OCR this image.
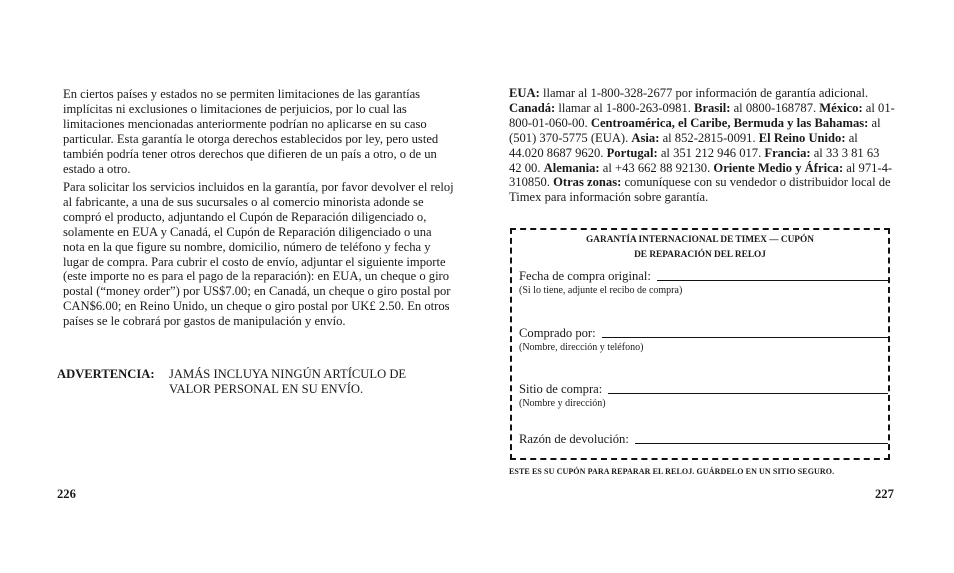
En ciertos países y estados no se permiten limitaciones de las garantías implícitas ni exclusiones o limitaciones de perjuicios, por lo cual las limitaciones mencionadas anteriormente podrían no aplicarse en su caso particular. Esta garantía le otorga derechos establecidos por ley, pero usted también podría tener otros derechos que difieren de un país a otro, o de un estado a otro.

Para solicitar los servicios incluidos en la garantía, por favor devolver el reloj al fabricante, a una de sus sucursales o al comercio minorista adonde se compró el producto, adjuntando el Cupón de Reparación diligenciado o, solamente en EUA y Canadá, el Cupón de Reparación diligenciado o una nota en la que figure su nombre, domicilio, número de teléfono y fecha y lugar de compra. Para cubrir el costo de envío, adjuntar el siguiente importe (este importe no es para el pago de la reparación): en EUA, un cheque o giro postal (“money order”) por US$7.00; en Canadá, un cheque o giro postal por CAN$6.00; en Reino Unido, un cheque o giro postal por UK£ 2.50. En otros países se le cobrará por gastos de manipulación y envío.

ADVERTENCIA: JAMÁS INCLUYA NINGÚN ARTÍCULO DE VALOR PERSONAL EN SU ENVÍO.
226
EUA: llamar al 1-800-328-2677 por información de garantía adicional. Canadá: llamar al 1-800-263-0981. Brasil: al 0800-168787. México: al 01-800-01-060-00. Centroamérica, el Caribe, Bermuda y las Bahamas: al (501) 370-5775 (EUA). Asia: al 852-2815-0091. El Reino Unido: al 44.020 8687 9620. Portugal: al 351 212 946 017. Francia: al 33 3 81 63 42 00. Alemania: al +43 662 88 92130. Oriente Medio y África: al 971-4-310850. Otras zonas: comuníquese con su vendedor o distribuidor local de Timex para información sobre garantía.
GARANTÍA INTERNACIONAL DE TIMEX — CUPÓN
DE REPARACIÓN DEL RELOJ
Fecha de compra original:
(Si lo tiene, adjunte el recibo de compra)
Comprado por:
(Nombre, dirección y teléfono)
Sitio de compra:
(Nombre y dirección)
Razón de devolución:
ESTE ES SU CUPÓN PARA REPARAR EL RELOJ. GUÁRDELO EN UN SITIO SEGURO.
227
